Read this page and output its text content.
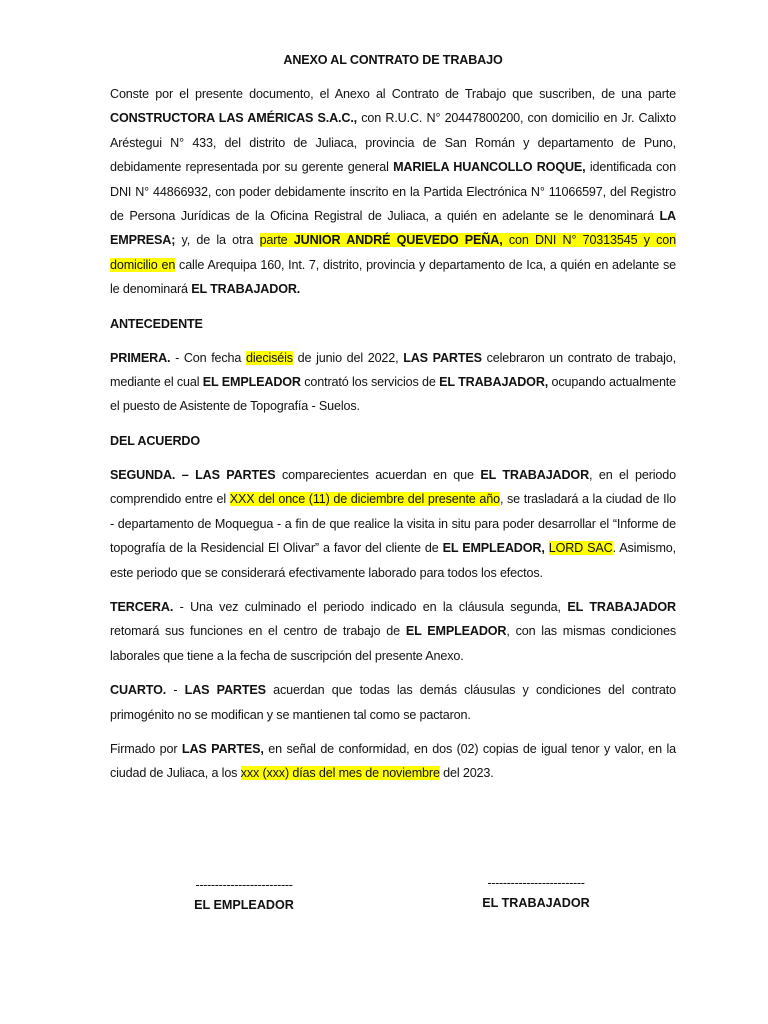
ANEXO AL CONTRATO DE TRABAJO

Conste por el presente documento, el Anexo al Contrato de Trabajo que suscriben, de una parte CONSTRUCTORA LAS AMÉRICAS S.A.C., con R.U.C. N° 20447800200, con domicilio en Jr. Calixto Aréstegui N° 433, del distrito de Juliaca, provincia de San Román y departamento de Puno, debidamente representada por su gerente general MARIELA HUANCOLLO ROQUE, identificada con DNI N° 44866932, con poder debidamente inscrito en la Partida Electrónica N° 11066597, del Registro de Persona Jurídicas de la Oficina Registral de Juliaca, a quién en adelante se le denominará LA EMPRESA; y, de la otra parte JUNIOR ANDRÉ QUEVEDO PEÑA, con DNI N° 70313545 y con domicilio en calle Arequipa 160, Int. 7, distrito, provincia y departamento de Ica, a quién en adelante se le denominará EL TRABAJADOR.

ANTECEDENTE

PRIMERA. - Con fecha dieciséis de junio del 2022, LAS PARTES celebraron un contrato de trabajo, mediante el cual EL EMPLEADOR contrató los servicios de EL TRABAJADOR, ocupando actualmente el puesto de Asistente de Topografía - Suelos.

DEL ACUERDO

SEGUNDA. – LAS PARTES comparecientes acuerdan en que EL TRABAJADOR, en el periodo comprendido entre el XXX del once (11) de diciembre del presente año, se trasladará a la ciudad de Ilo - departamento de Moquegua - a fin de que realice la visita in situ para poder desarrollar el “Informe de topografía de la Residencial El Olivar” a favor del cliente de EL EMPLEADOR, LORD SAC. Asimismo, este periodo que se considerará efectivamente laborado para todos los efectos.

TERCERA. - Una vez culminado el periodo indicado en la cláusula segunda, EL TRABAJADOR retomará sus funciones en el centro de trabajo de EL EMPLEADOR, con las mismas condiciones laborales que tiene a la fecha de suscripción del presente Anexo.

CUARTO. - LAS PARTES acuerdan que todas las demás cláusulas y condiciones del contrato primogénito no se modifican y se mantienen tal como se pactaron.

Firmado por LAS PARTES, en señal de conformidad, en dos (02) copias de igual tenor y valor, en la ciudad de Juliaca, a los xxx (xxx) días del mes de noviembre del 2023.

-------------------------
EL EMPLEADOR
-------------------------
EL TRABAJADOR
